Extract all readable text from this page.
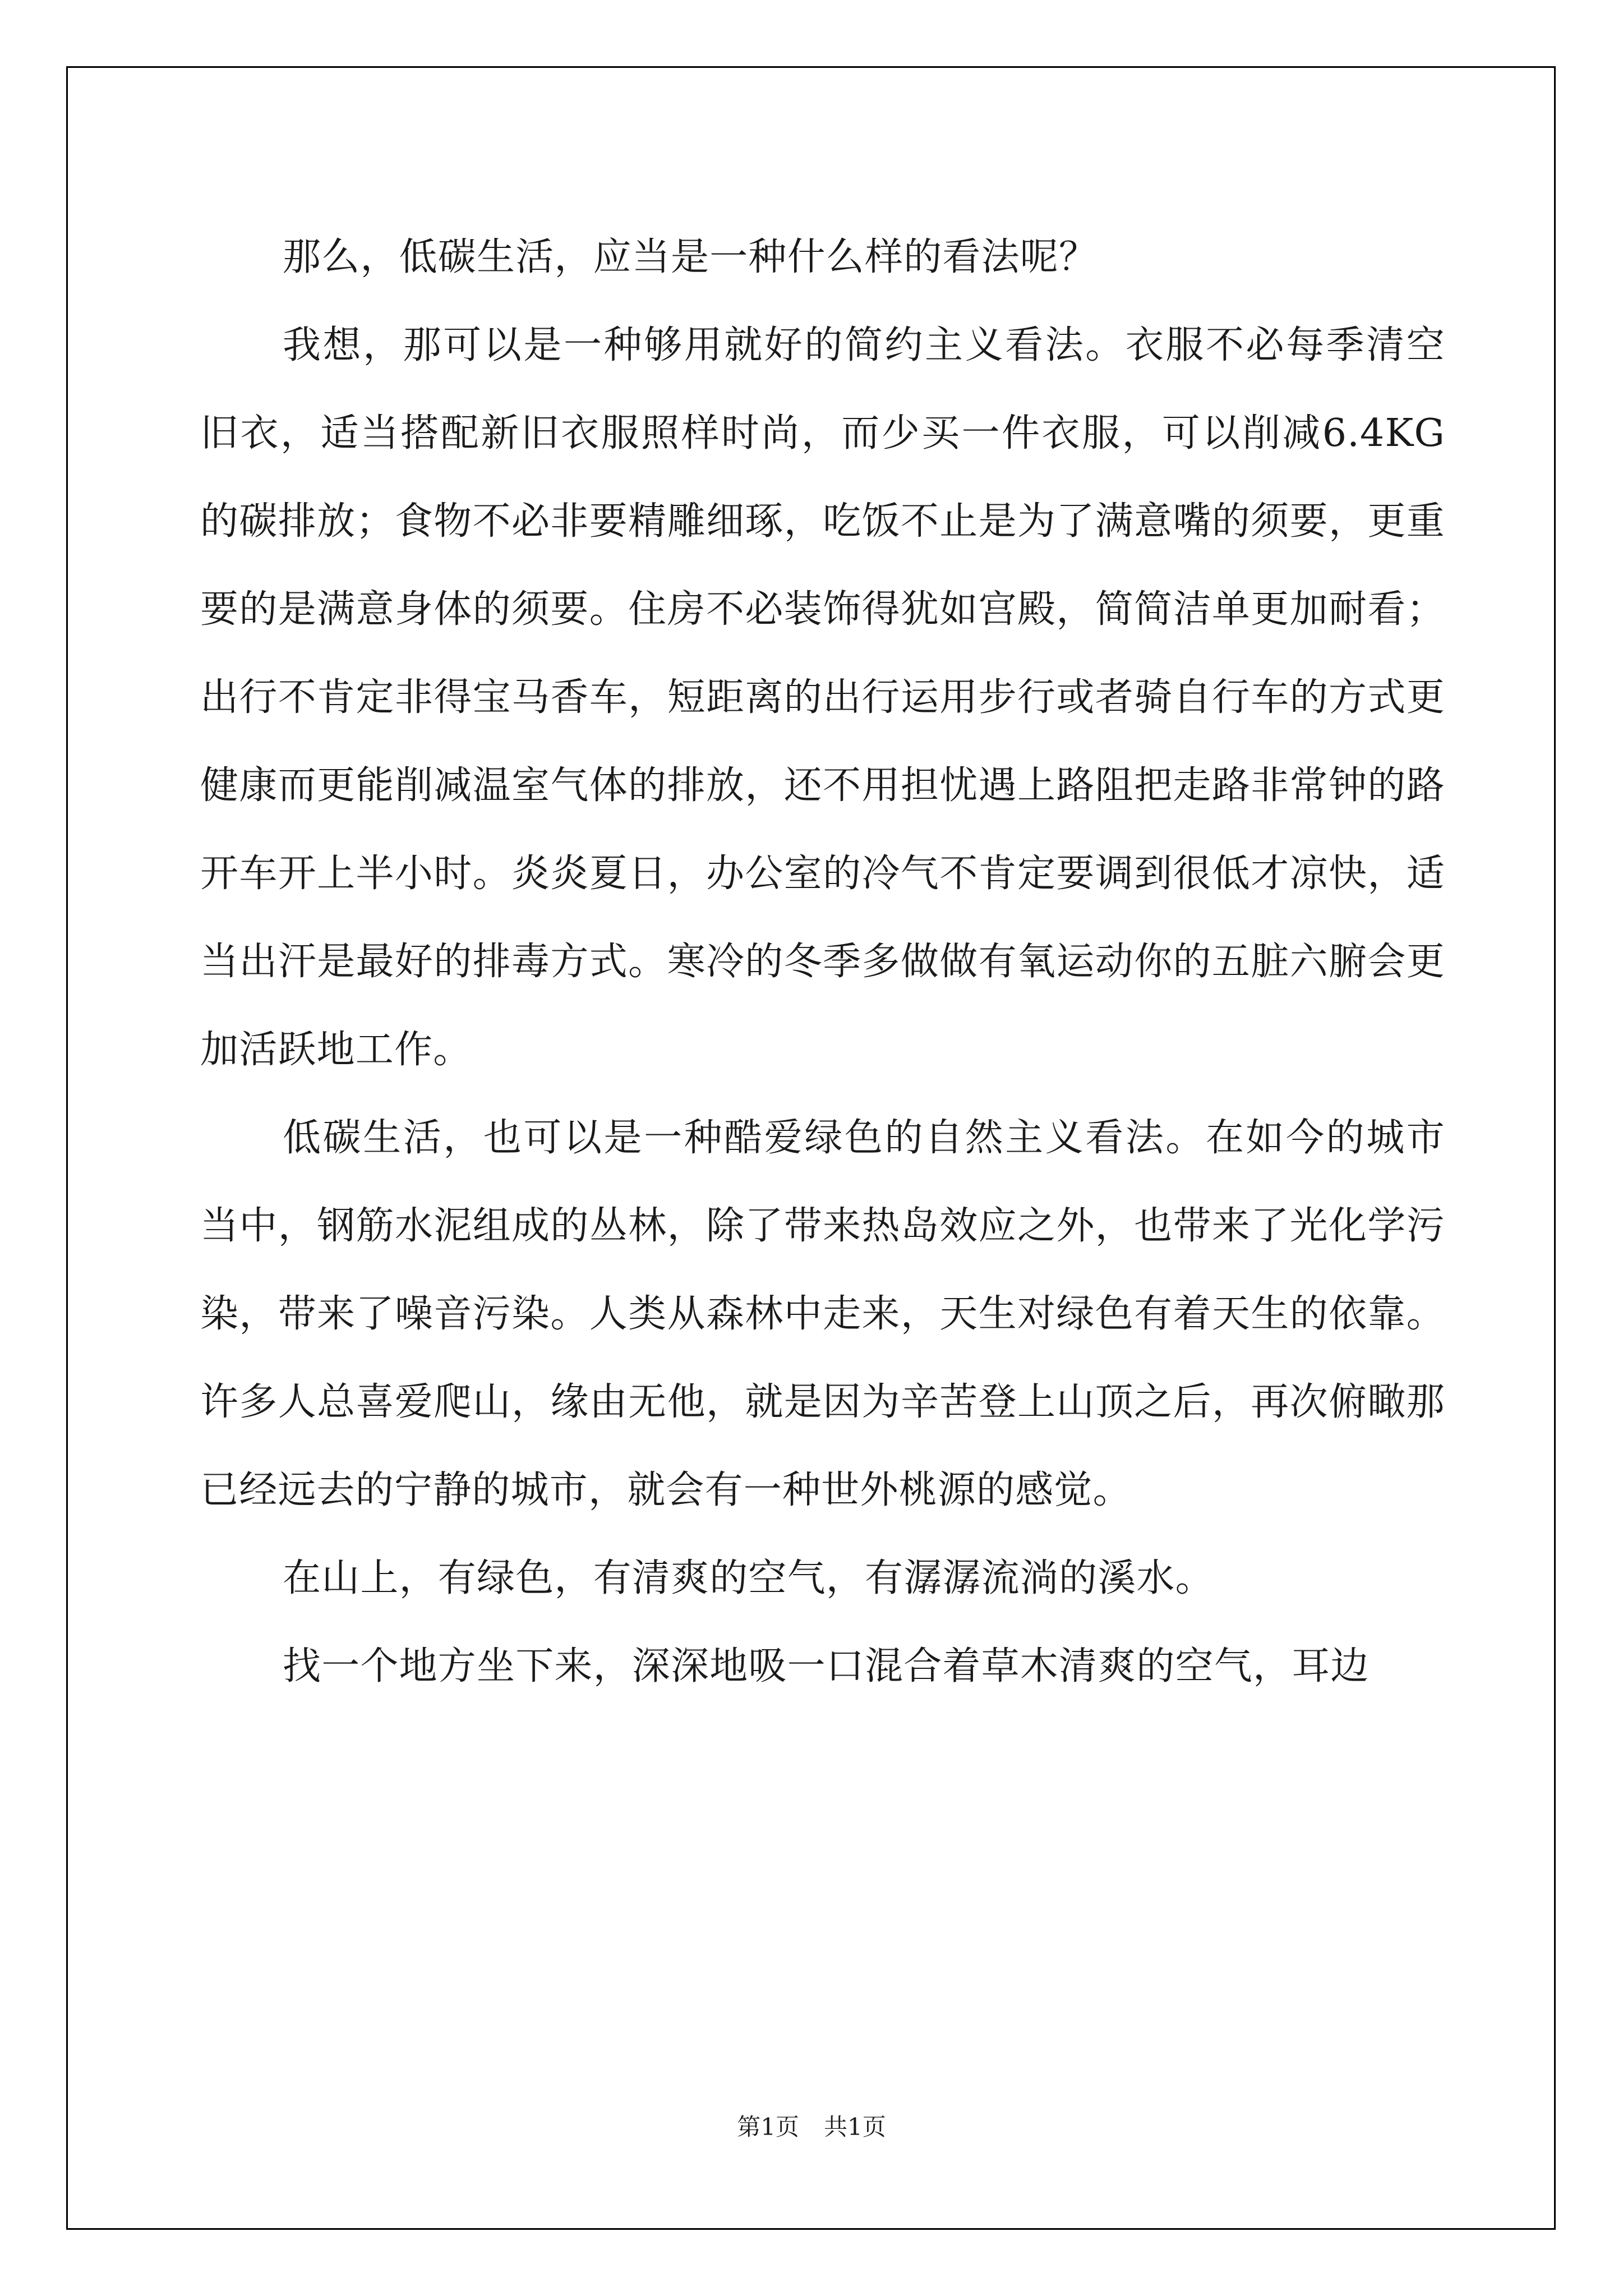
那么，低碳生活，应当是一种什么样的看法呢？

我想，那可以是一种够用就好的简约主义看法。衣服不必每季清空旧衣，适当搭配新旧衣服照样时尚，而少买一件衣服，可以削减6.4KG的碳排放；食物不必非要精雕细琢，吃饭不止是为了满意嘴的须要，更重要的是满意身体的须要。住房不必装饰得犹如宫殿，简简洁单更加耐看；出行不肯定非得宝马香车，短距离的出行运用步行或者骑自行车的方式更健康而更能削减温室气体的排放，还不用担忧遇上路阻把走路非常钟的路开车开上半小时。炎炎夏日，办公室的冷气不肯定要调到很低才凉快，适当出汗是最好的排毒方式。寒冷的冬季多做做有氧运动你的五脏六腑会更加活跃地工作。

低碳生活，也可以是一种酷爱绿色的自然主义看法。在如今的城市当中，钢筋水泥组成的丛林，除了带来热岛效应之外，也带来了光化学污染，带来了噪音污染。人类从森林中走来，天生对绿色有着天生的依靠。许多人总喜爱爬山，缘由无他，就是因为辛苦登上山顶之后，再次俯瞰那已经远去的宁静的城市，就会有一种世外桃源的感觉。

在山上，有绿色，有清爽的空气，有潺潺流淌的溪水。

找一个地方坐下来，深深地吸一口混合着草木清爽的空气，耳边

第1页 共1页
